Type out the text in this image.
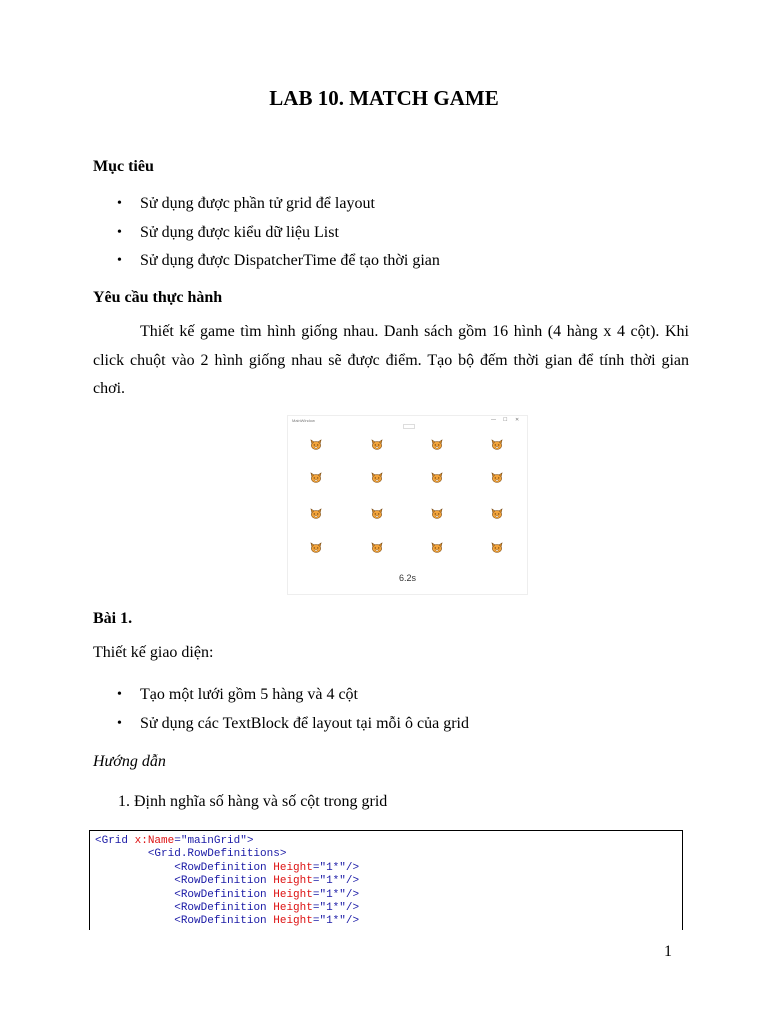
LAB 10. MATCH GAME
Mục tiêu
• Sử dụng được phần tử grid để layout
• Sử dụng được kiểu dữ liệu List
• Sử dụng được DispatcherTime để tạo thời gian
Yêu cầu thực hành

Thiết kế game tìm hình giống nhau. Danh sách gồm 16 hình (4 hàng x 4 cột). Khi click chuột vào 2 hình giống nhau sẽ được điểm. Tạo bộ đếm thời gian để tính thời gian chơi.

MainWindow	— ☐ ✕
6.2s
Bài 1.

Thiết kế giao diện:

• Tạo một lưới gồm 5 hàng và 4 cột
• Sử dụng các TextBlock để layout tại mỗi ô của grid

Hướng dẫn

1. Định nghĩa số hàng và số cột trong grid

<Grid x:Name="mainGrid">
<Grid.RowDefinitions>
<RowDefinition Height="1*"/>
<RowDefinition Height="1*"/>
<RowDefinition Height="1*"/>
<RowDefinition Height="1*"/>
<RowDefinition Height="1*"/>

1
